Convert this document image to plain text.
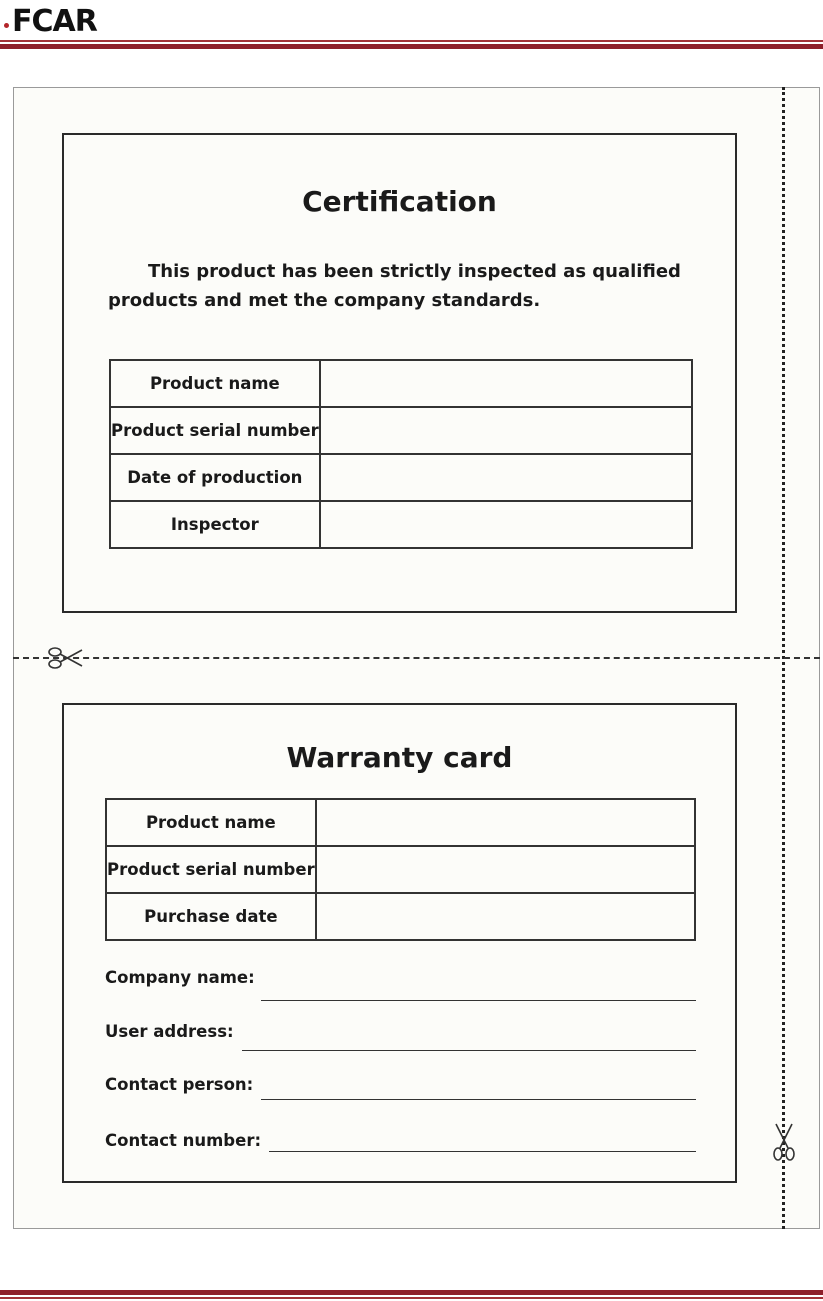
FCAR
Certification
This product has been strictly inspected as qualified products and met the company standards.
Product name	
Product serial number	
Date of production	
Inspector	
Warranty card
Product name	
Product serial number	
Purchase date	
Company name:
User address:
Contact person:
Contact number:
